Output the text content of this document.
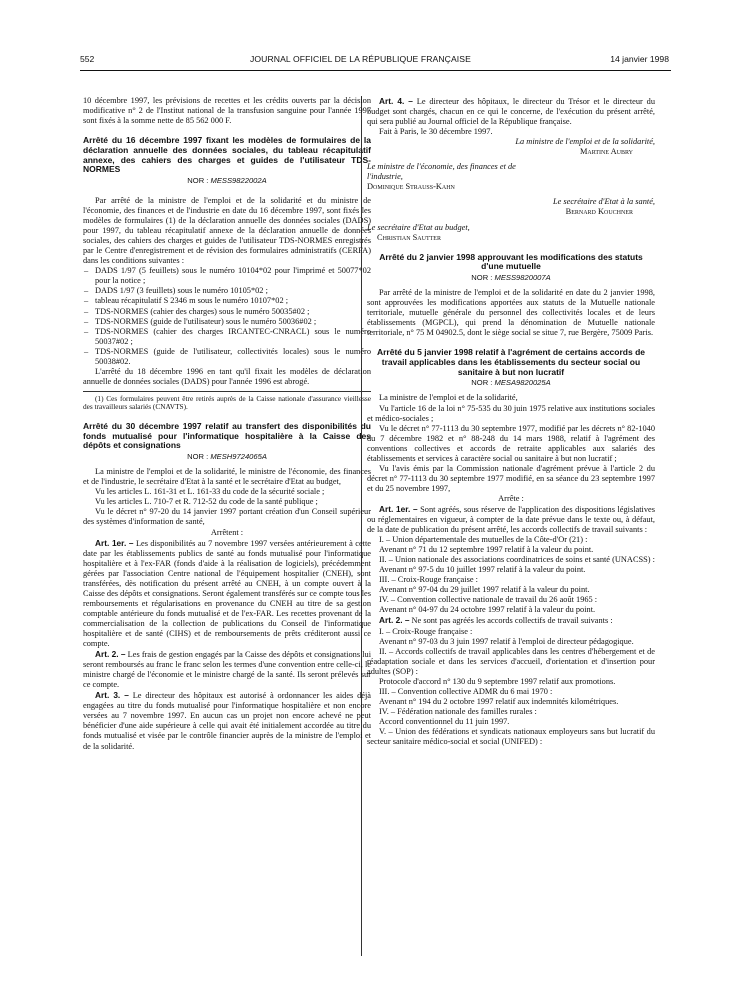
552	JOURNAL OFFICIEL DE LA RÉPUBLIQUE FRANÇAISE	14 janvier 1998

10 décembre 1997, les prévisions de recettes et les crédits ouverts par la décision modificative n° 2 de l'Institut national de la transfusion sanguine pour l'année 1997 sont fixés à la somme nette de 85 562 000 F.

Arrêté du 16 décembre 1997 fixant les modèles de formulaires de la déclaration annuelle des données sociales, du tableau récapitulatif annexe, des cahiers des charges et guides de l'utilisateur TDS-NORMES

NOR : MESS9822002A

Par arrêté de la ministre de l'emploi et de la solidarité et du ministre de l'économie, des finances et de l'industrie en date du 16 décembre 1997, sont fixés les modèles de formulaires (1) de la déclaration annuelle des données sociales (DADS) pour 1997, du tableau récapitulatif annexe de la déclaration annuelle de données sociales, des cahiers des charges et guides de l'utilisateur TDS-NORMES enregistrés par le Centre d'enregistrement et de révision des formulaires administratifs (CERFA) dans les conditions suivantes :

– DADS 1/97 (5 feuillets) sous le numéro 10104*02 pour l'imprimé et 50077*02 pour la notice ;
– DADS 1/97 (3 feuillets) sous le numéro 10105*02 ;
– tableau récapitulatif S 2346 m sous le numéro 10107*02 ;
– TDS-NORMES (cahier des charges) sous le numéro 50035#02 ;
– TDS-NORMES (guide de l'utilisateur) sous le numéro 50036#02 ;
– TDS-NORMES (cahier des charges IRCANTEC-CNRACL) sous le numéro 50037#02 ;
– TDS-NORMES (guide de l'utilisateur, collectivités locales) sous le numéro 50038#02.

L'arrêté du 18 décembre 1996 en tant qu'il fixait les modèles de déclaration annuelle de données sociales (DADS) pour l'année 1996 est abrogé.

(1) Ces formulaires peuvent être retirés auprès de la Caisse nationale d'assurance vieillesse des travailleurs salariés (CNAVTS).

Arrêté du 30 décembre 1997 relatif au transfert des disponibilités du fonds mutualisé pour l'informatique hospitalière à la Caisse des dépôts et consignations

NOR : MESH9724065A

La ministre de l'emploi et de la solidarité, le ministre de l'économie, des finances et de l'industrie, le secrétaire d'Etat à la santé et le secrétaire d'Etat au budget,

Vu les articles L. 161-31 et L. 161-33 du code de la sécurité sociale ;

Vu les articles L. 710-7 et R. 712-52 du code de la santé publique ;

Vu le décret n° 97-20 du 14 janvier 1997 portant création d'un Conseil supérieur des systèmes d'information de santé,

Arrêtent :

Art. 1er. – Les disponibilités au 7 novembre 1997 versées antérieurement à cette date par les établissements publics de santé au fonds mutualisé pour l'informatique hospitalière et à l'ex-FAR (fonds d'aide à la réalisation de logiciels), précédemment gérées par l'association Centre national de l'équipement hospitalier (CNEH), sont transférées, dès notification du présent arrêté au CNEH, à un compte ouvert à la Caisse des dépôts et consignations. Seront également transférés sur ce compte tous les remboursements et régularisations en provenance du CNEH au titre de sa gestion comptable antérieure du fonds mutualisé et de l'ex-FAR. Les recettes provenant de la commercialisation de la collection de publications du Conseil de l'informatique hospitalière et de santé (CIHS) et de remboursements de prêts créditeront aussi ce compte.

Art. 2. – Les frais de gestion engagés par la Caisse des dépôts et consignations lui seront remboursés au franc le franc selon les termes d'une convention entre celle-ci, le ministre chargé de l'économie et le ministre chargé de la santé. Ils seront prélevés sur ce compte.

Art. 3. – Le directeur des hôpitaux est autorisé à ordonnancer les aides déjà engagées au titre du fonds mutualisé pour l'informatique hospitalière et non encore versées au 7 novembre 1997. En aucun cas un projet non encore achevé ne peut bénéficier d'une aide supérieure à celle qui avait été initialement accordée au titre du fonds mutualisé et visée par le contrôle financier auprès de la ministre de l'emploi et de la solidarité.

Art. 4. – Le directeur des hôpitaux, le directeur du Trésor et le directeur du budget sont chargés, chacun en ce qui le concerne, de l'exécution du présent arrêté, qui sera publié au Journal officiel de la République française.

Fait à Paris, le 30 décembre 1997.

La ministre de l'emploi et de la solidarité,

Martine Aubry

Le ministre de l'économie, des finances et de l'industrie,

Dominique Strauss-Kahn

Le secrétaire d'Etat à la santé,

Bernard Kouchner

Le secrétaire d'Etat au budget,

Christian Sautter

Arrêté du 2 janvier 1998 approuvant les modifications des statuts d'une mutuelle

NOR : MESS9820007A

Par arrêté de la ministre de l'emploi et de la solidarité en date du 2 janvier 1998, sont approuvées les modifications apportées aux statuts de la Mutuelle nationale territoriale, mutuelle générale du personnel des collectivités locales et de leurs établissements (MGPCL), qui prend la dénomination de Mutuelle nationale territoriale, n° 75 M 04902.5, dont le siège social se situe 7, rue Bergère, 75009 Paris.

Arrêté du 5 janvier 1998 relatif à l'agrément de certains accords de travail applicables dans les établissements du secteur social ou sanitaire à but non lucratif

NOR : MESA9820025A

La ministre de l'emploi et de la solidarité,

Vu l'article 16 de la loi n° 75-535 du 30 juin 1975 relative aux institutions sociales et médico-sociales ;

Vu le décret n° 77-1113 du 30 septembre 1977, modifié par les décrets n° 82-1040 du 7 décembre 1982 et n° 88-248 du 14 mars 1988, relatif à l'agrément des conventions collectives et accords de retraite applicables aux salariés des établissements et services à caractère social ou sanitaire à but non lucratif ;

Vu l'avis émis par la Commission nationale d'agrément prévue à l'article 2 du décret n° 77-1113 du 30 septembre 1977 modifié, en sa séance du 23 septembre 1997 et du 25 novembre 1997,

Arrête :

Art. 1er. – Sont agréés, sous réserve de l'application des dispositions législatives ou réglementaires en vigueur, à compter de la date prévue dans le texte ou, à défaut, de la date de publication du présent arrêté, les accords collectifs de travail suivants :

I. – Union départementale des mutuelles de la Côte-d'Or (21) :

Avenant n° 71 du 12 septembre 1997 relatif à la valeur du point.

II. – Union nationale des associations coordinatrices de soins et santé (UNACSS) :

Avenant n° 97-5 du 10 juillet 1997 relatif à la valeur du point.

III. – Croix-Rouge française :

Avenant n° 97-04 du 29 juillet 1997 relatif à la valeur du point.

IV. – Convention collective nationale de travail du 26 août 1965 :

Avenant n° 04-97 du 24 octobre 1997 relatif à la valeur du point.

Art. 2. – Ne sont pas agréés les accords collectifs de travail suivants :

I. – Croix-Rouge française :

Avenant n° 97-03 du 3 juin 1997 relatif à l'emploi de directeur pédagogique.

II. – Accords collectifs de travail applicables dans les centres d'hébergement et de réadaptation sociale et dans les services d'accueil, d'orientation et d'insertion pour adultes (SOP) :

Protocole d'accord n° 130 du 9 septembre 1997 relatif aux promotions.

III. – Convention collective ADMR du 6 mai 1970 :

Avenant n° 194 du 2 octobre 1997 relatif aux indemnités kilométriques.

IV. – Fédération nationale des familles rurales :

Accord conventionnel du 11 juin 1997.

V. – Union des fédérations et syndicats nationaux employeurs sans but lucratif du secteur sanitaire médico-social et social (UNIFED) :
